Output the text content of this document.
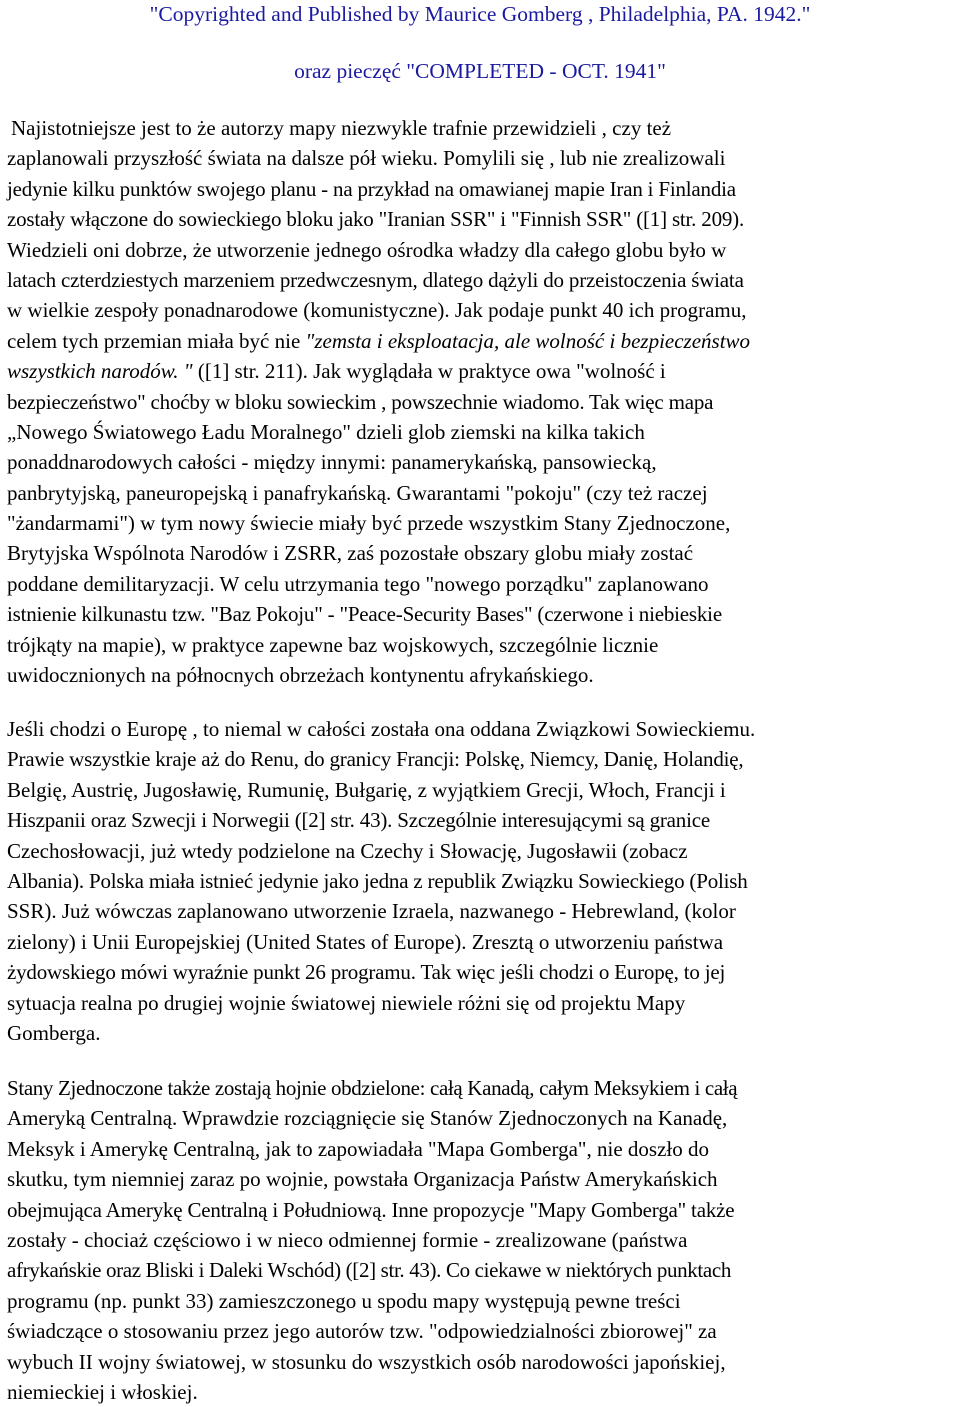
"Copyrighted and Published by Maurice Gomberg , Philadelphia, PA. 1942."

oraz pieczęć "COMPLETED - OCT. 1941"

Najistotniejsze jest to że autorzy mapy niezwykle trafnie przewidzieli , czy też
zaplanowali przyszłość świata na dalsze pół wieku. Pomylili się , lub nie zrealizowali
jedynie kilku punktów swojego planu - na przykład na omawianej mapie Iran i Finlandia
zostały włączone do sowieckiego bloku jako "Iranian SSR" i "Finnish SSR" ([1] str. 209).
Wiedzieli oni dobrze, że utworzenie jednego ośrodka władzy dla całego globu było w
latach czterdziestych marzeniem przedwczesnym, dlatego dążyli do przeistoczenia świata
w wielkie zespoły ponadnarodowe (komunistyczne). Jak podaje punkt 40 ich programu,
celem tych przemian miała być nie "zemsta i eksploatacja, ale wolność i bezpieczeństwo
wszystkich narodów. " ([1] str. 211). Jak wyglądała w praktyce owa "wolność i
bezpieczeństwo" choćby w bloku sowieckim , powszechnie wiadomo. Tak więc mapa
„Nowego Światowego Ładu Moralnego" dzieli glob ziemski na kilka takich
ponaddnarodowych całości - między innymi: panamerykańską, pansowiecką,
panbrytyjską, paneuropejską i panafrykańską. Gwarantami "pokoju" (czy też raczej
"żandarmami") w tym nowy świecie miały być przede wszystkim Stany Zjednoczone,
Brytyjska Wspólnota Narodów i ZSRR, zaś pozostałe obszary globu miały zostać
poddane demilitaryzacji. W celu utrzymania tego "nowego porządku" zaplanowano
istnienie kilkunastu tzw. "Baz Pokoju" - "Peace-Security Bases" (czerwone i niebieskie
trójkąty na mapie), w praktyce zapewne baz wojskowych, szczególnie licznie
uwidocznionych na północnych obrzeżach kontynentu afrykańskiego.
Jeśli chodzi o Europę , to niemal w całości została ona oddana Związkowi Sowieckiemu.
Prawie wszystkie kraje aż do Renu, do granicy Francji: Polskę, Niemcy, Danię, Holandię,
Belgię, Austrię, Jugosławię, Rumunię, Bułgarię, z wyjątkiem Grecji, Włoch, Francji i
Hiszpanii oraz Szwecji i Norwegii ([2] str. 43). Szczególnie interesującymi są granice
Czechosłowacji, już wtedy podzielone na Czechy i Słowację, Jugosławii (zobacz
Albania). Polska miała istnieć jedynie jako jedna z republik Związku Sowieckiego (Polish
SSR). Już wówczas zaplanowano utworzenie Izraela, nazwanego - Hebrewland, (kolor
zielony) i Unii Europejskiej (United States of Europe). Zresztą o utworzeniu państwa
żydowskiego mówi wyraźnie punkt 26 programu. Tak więc jeśli chodzi o Europę, to jej
sytuacja realna po drugiej wojnie światowej niewiele różni się od projektu Mapy
Gomberga.
Stany Zjednoczone także zostają hojnie obdzielone: całą Kanadą, całym Meksykiem i całą
Ameryką Centralną. Wprawdzie rozciągnięcie się Stanów Zjednoczonych na Kanadę,
Meksyk i Amerykę Centralną, jak to zapowiadała "Mapa Gomberga", nie doszło do
skutku, tym niemniej zaraz po wojnie, powstała Organizacja Państw Amerykańskich
obejmująca Amerykę Centralną i Południową. Inne propozycje "Mapy Gomberga" także
zostały - chociaż częściowo i w nieco odmiennej formie - zrealizowane (państwa
afrykańskie oraz Bliski i Daleki Wschód) ([2] str. 43). Co ciekawe w niektórych punktach
programu (np. punkt 33) zamieszczonego u spodu mapy występują pewne treści
świadczące o stosowaniu przez jego autorów tzw. "odpowiedzialności zbiorowej" za
wybuch II wojny światowej, w stosunku do wszystkich osób narodowości japońskiej,
niemieckiej i włoskiej.
